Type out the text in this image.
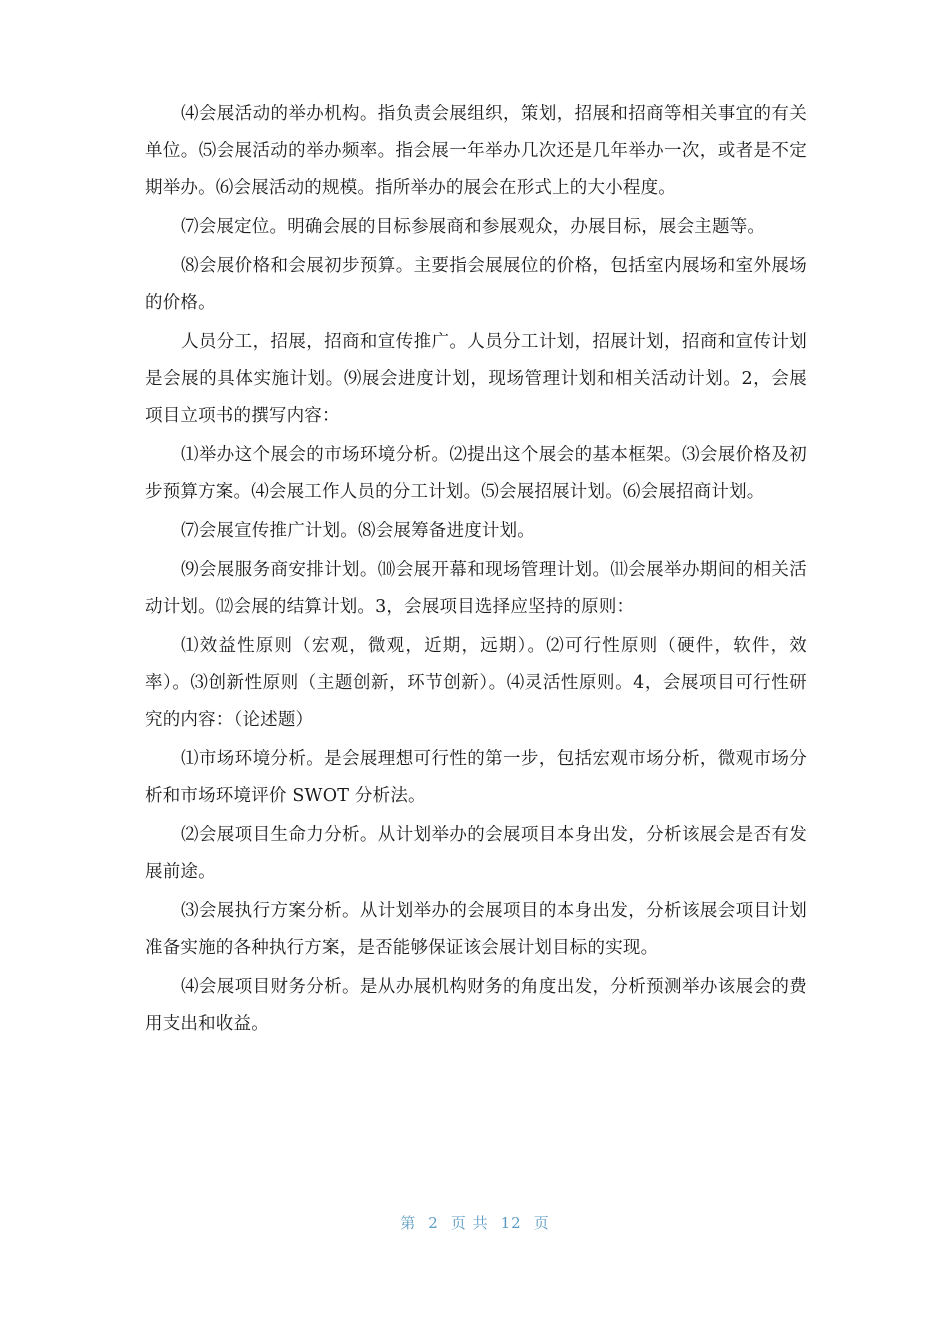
⑷会展活动的举办机构。指负责会展组织，策划，招展和招商等相关事宜的有关单位。⑸会展活动的举办频率。指会展一年举办几次还是几年举办一次，或者是不定期举办。⑹会展活动的规模。指所举办的展会在形式上的大小程度。

⑺会展定位。明确会展的目标参展商和参展观众，办展目标，展会主题等。

⑻会展价格和会展初步预算。主要指会展展位的价格，包括室内展场和室外展场的价格。

人员分工，招展，招商和宣传推广。人员分工计划，招展计划，招商和宣传计划是会展的具体实施计划。⑼展会进度计划，现场管理计划和相关活动计划。2，会展项目立项书的撰写内容：

⑴举办这个展会的市场环境分析。⑵提出这个展会的基本框架。⑶会展价格及初步预算方案。⑷会展工作人员的分工计划。⑸会展招展计划。⑹会展招商计划。

⑺会展宣传推广计划。⑻会展筹备进度计划。

⑼会展服务商安排计划。⑽会展开幕和现场管理计划。⑾会展举办期间的相关活动计划。⑿会展的结算计划。3，会展项目选择应坚持的原则：

⑴效益性原则（宏观，微观，近期，远期）。⑵可行性原则（硬件，软件，效率）。⑶创新性原则（主题创新，环节创新）。⑷灵活性原则。4，会展项目可行性研究的内容：（论述题）

⑴市场环境分析。是会展理想可行性的第一步，包括宏观市场分析，微观市场分析和市场环境评价 SWOT 分析法。

⑵会展项目生命力分析。从计划举办的会展项目本身出发，分析该展会是否有发展前途。

⑶会展执行方案分析。从计划举办的会展项目的本身出发，分析该展会项目计划准备实施的各种执行方案，是否能够保证该会展计划目标的实现。

⑷会展项目财务分析。是从办展机构财务的角度出发，分析预测举办该展会的费用支出和收益。

第 2 页 共 12 页
